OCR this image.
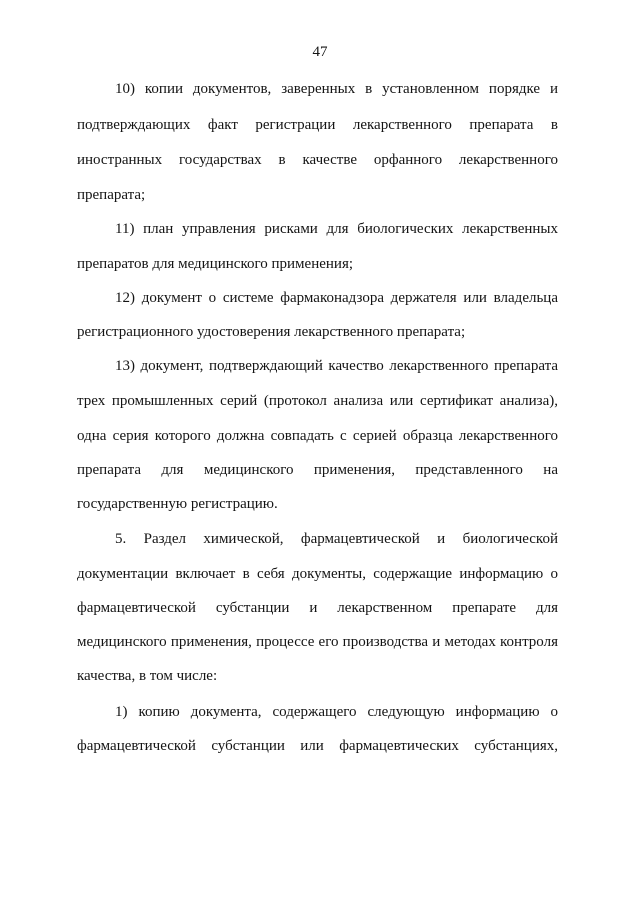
47
10) копии документов, заверенных в установленном порядке и
подтверждающих факт регистрации лекарственного препарата в
иностранных государствах в качестве орфанного лекарственного
препарата;
11) план управления рисками для биологических лекарственных
препаратов для медицинского применения;
12) документ о системе фармаконадзора держателя или владельца
регистрационного удостоверения лекарственного препарата;
13) документ, подтверждающий качество лекарственного препарата
трех промышленных серий (протокол анализа или сертификат анализа),
одна серия которого должна совпадать с серией образца лекарственного
препарата для медицинского применения, представленного на
государственную регистрацию.
5. Раздел химической, фармацевтической и биологической
документации включает в себя документы, содержащие информацию о
фармацевтической субстанции и лекарственном препарате для
медицинского применения, процессе его производства и методах контроля
качества, в том числе:
1) копию документа, содержащего следующую информацию о
фармацевтической субстанции или фармацевтических субстанциях,
